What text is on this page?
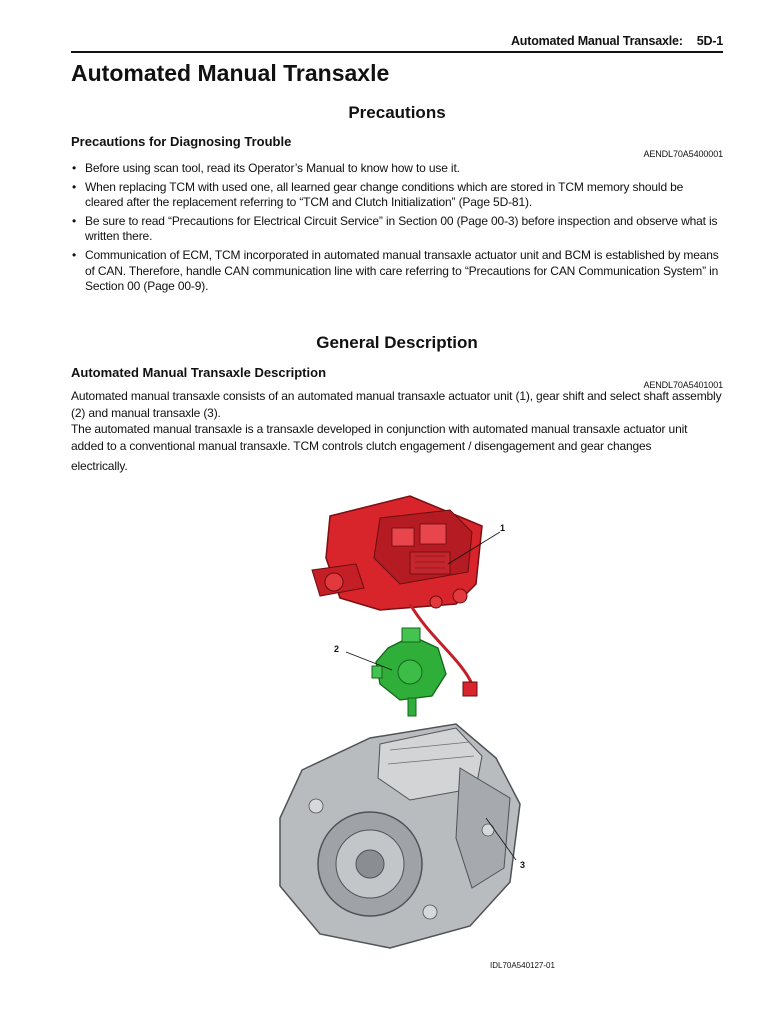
Automated Manual Transaxle: 5D-1
Automated Manual Transaxle
Precautions
Precautions for Diagnosing Trouble
AENDL70A5400001
• Before using scan tool, read its Operator’s Manual to know how to use it.
• When replacing TCM with used one, all learned gear change conditions which are stored in TCM memory should be cleared after the replacement referring to “TCM and Clutch Initialization” (Page 5D-81).
• Be sure to read “Precautions for Electrical Circuit Service” in Section 00 (Page 00-3) before inspection and observe what is written there.
• Communication of ECM, TCM incorporated in automated manual transaxle actuator unit and BCM is established by means of CAN. Therefore, handle CAN communication line with care referring to “Precautions for CAN Communication System” in Section 00 (Page 00-9).
General Description
Automated Manual Transaxle Description
AENDL70A5401001

Automated manual transaxle consists of an automated manual transaxle actuator unit (1), gear shift and select shaft assembly (2) and manual transaxle (3).

The automated manual transaxle is a transaxle developed in conjunction with automated manual transaxle actuator unit added to a conventional manual transaxle. TCM controls clutch engagement / disengagement and gear changes

electrically.

1
2
3
IDL70A540127-01
